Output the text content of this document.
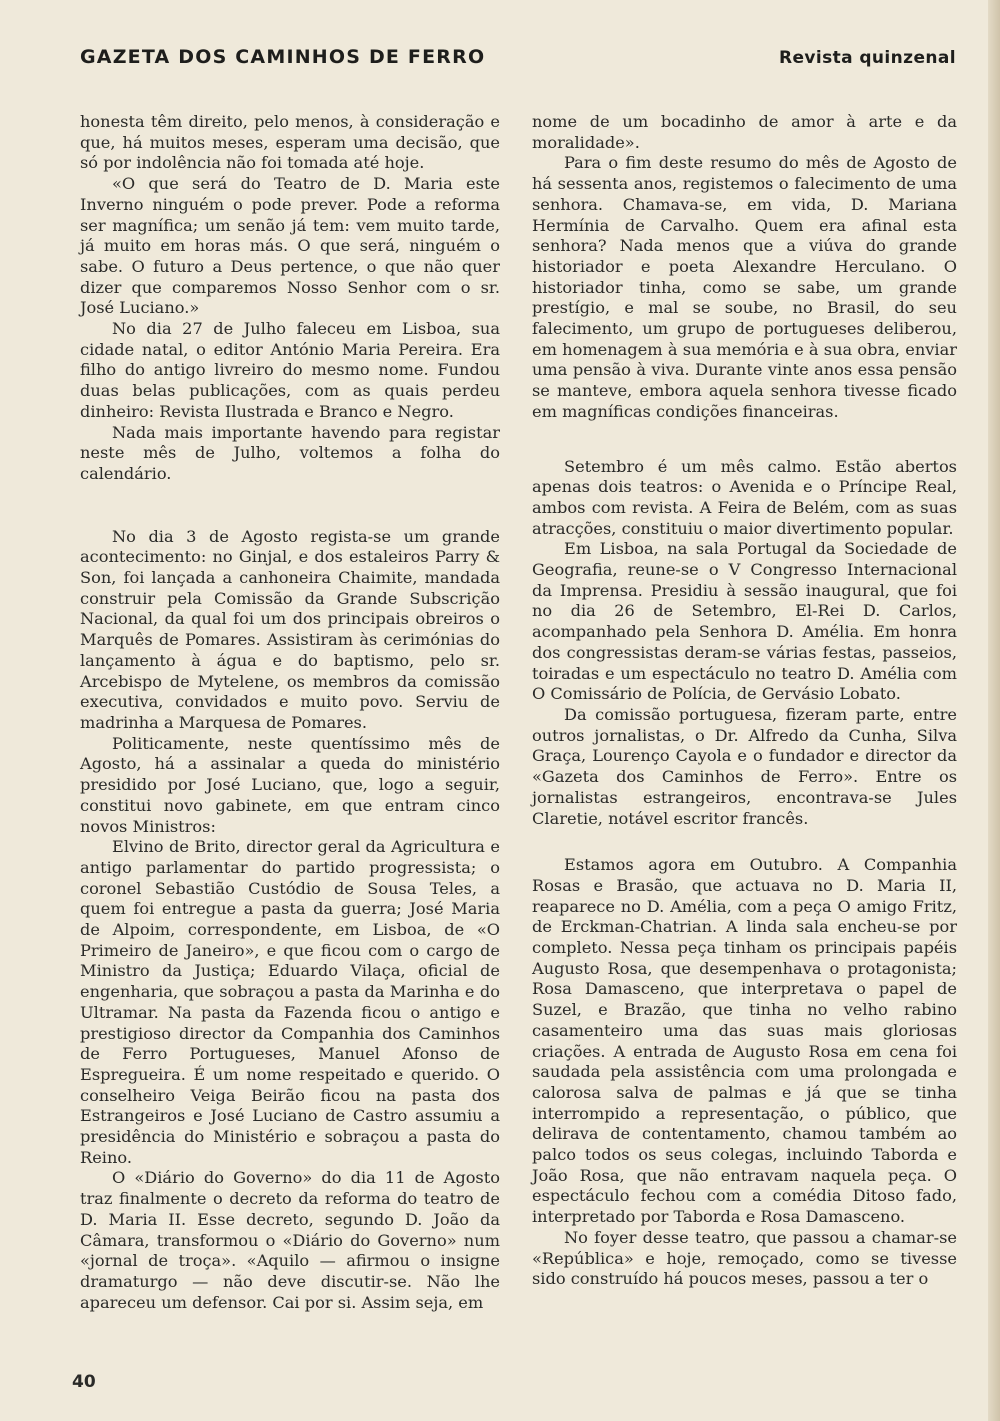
GAZETA DOS CAMINHOS DE FERRO	Revista quinzenal

honesta têm direito, pelo menos, à consideração e que, há muitos meses, esperam uma decisão, que só por indolência não foi tomada até hoje.

«O que será do Teatro de D. Maria este Inverno ninguém o pode prever. Pode a reforma ser magnífica; um senão já tem: vem muito tarde, já muito em horas más. O que será, ninguém o sabe. O futuro a Deus pertence, o que não quer dizer que comparemos Nosso Senhor com o sr. José Luciano.»

No dia 27 de Julho faleceu em Lisboa, sua cidade natal, o editor António Maria Pereira. Era filho do antigo livreiro do mesmo nome. Fundou duas belas publicações, com as quais perdeu dinheiro: Revista Ilustrada e Branco e Negro.

Nada mais importante havendo para registar neste mês de Julho, voltemos a folha do calendário.

No dia 3 de Agosto regista-se um grande acontecimento: no Ginjal, e dos estaleiros Parry & Son, foi lançada a canhoneira Chaimite, mandada construir pela Comissão da Grande Subscrição Nacional, da qual foi um dos principais obreiros o Marquês de Pomares. Assistiram às cerimónias do lançamento à água e do baptismo, pelo sr. Arcebispo de Mytelene, os membros da comissão executiva, convidados e muito povo. Serviu de madrinha a Marquesa de Pomares.

Politicamente, neste quentíssimo mês de Agosto, há a assinalar a queda do ministério presidido por José Luciano, que, logo a seguir, constitui novo gabinete, em que entram cinco novos Ministros:

Elvino de Brito, director geral da Agricultura e antigo parlamentar do partido progressista; o coronel Sebastião Custódio de Sousa Teles, a quem foi entregue a pasta da guerra; José Maria de Alpoim, correspondente, em Lisboa, de «O Primeiro de Janeiro», e que ficou com o cargo de Ministro da Justiça; Eduardo Vilaça, oficial de engenharia, que sobraçou a pasta da Marinha e do Ultramar. Na pasta da Fazenda ficou o antigo e prestigioso director da Companhia dos Caminhos de Ferro Portugueses, Manuel Afonso de Espregueira. É um nome respeitado e querido. O conselheiro Veiga Beirão ficou na pasta dos Estrangeiros e José Luciano de Castro assumiu a presidência do Ministério e sobraçou a pasta do Reino.

O «Diário do Governo» do dia 11 de Agosto traz finalmente o decreto da reforma do teatro de D. Maria II. Esse decreto, segundo D. João da Câmara, transformou o «Diário do Governo» num «jornal de troça». «Aquilo — afirmou o insigne dramaturgo — não deve discutir-se. Não lhe apareceu um defensor. Cai por si. Assim seja, em

nome de um bocadinho de amor à arte e da moralidade».

Para o fim deste resumo do mês de Agosto de há sessenta anos, registemos o falecimento de uma senhora. Chamava-se, em vida, D. Mariana Hermínia de Carvalho. Quem era afinal esta senhora? Nada menos que a viúva do grande historiador e poeta Alexandre Herculano. O historiador tinha, como se sabe, um grande prestígio, e mal se soube, no Brasil, do seu falecimento, um grupo de portugueses deliberou, em homenagem à sua memória e à sua obra, enviar uma pensão à viva. Durante vinte anos essa pensão se manteve, embora aquela senhora tivesse ficado em magníficas condições financeiras.

Setembro é um mês calmo. Estão abertos apenas dois teatros: o Avenida e o Príncipe Real, ambos com revista. A Feira de Belém, com as suas atracções, constituiu o maior divertimento popular.

Em Lisboa, na sala Portugal da Sociedade de Geografia, reune-se o V Congresso Internacional da Imprensa. Presidiu à sessão inaugural, que foi no dia 26 de Setembro, El-Rei D. Carlos, acompanhado pela Senhora D. Amélia. Em honra dos congressistas deram-se várias festas, passeios, toiradas e um espectáculo no teatro D. Amélia com O Comissário de Polícia, de Gervásio Lobato.

Da comissão portuguesa, fizeram parte, entre outros jornalistas, o Dr. Alfredo da Cunha, Silva Graça, Lourenço Cayola e o fundador e director da «Gazeta dos Caminhos de Ferro». Entre os jornalistas estrangeiros, encontrava-se Jules Claretie, notável escritor francês.

Estamos agora em Outubro. A Companhia Rosas e Brasão, que actuava no D. Maria II, reaparece no D. Amélia, com a peça O amigo Fritz, de Erckman-Chatrian. A linda sala encheu-se por completo. Nessa peça tinham os principais papéis Augusto Rosa, que desempenhava o protagonista; Rosa Damasceno, que interpretava o papel de Suzel, e Brazão, que tinha no velho rabino casamenteiro uma das suas mais gloriosas criações. A entrada de Augusto Rosa em cena foi saudada pela assistência com uma prolongada e calorosa salva de palmas e já que se tinha interrompido a representação, o público, que delirava de contentamento, chamou também ao palco todos os seus colegas, incluindo Taborda e João Rosa, que não entravam naquela peça. O espectáculo fechou com a comédia Ditoso fado, interpretado por Taborda e Rosa Damasceno.

No foyer desse teatro, que passou a chamar-se «República» e hoje, remoçado, como se tivesse sido construído há poucos meses, passou a ter o

40
